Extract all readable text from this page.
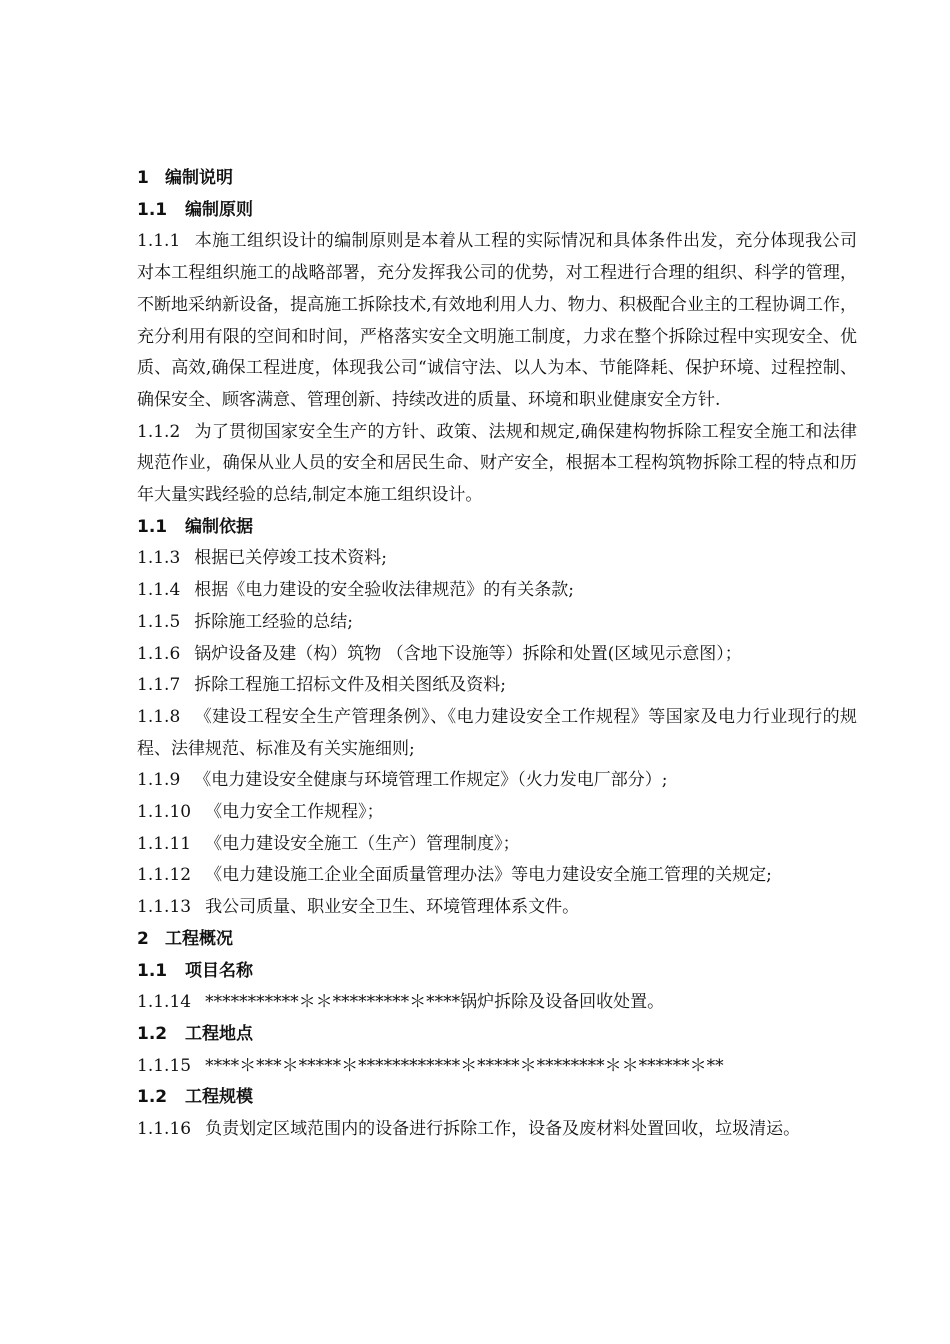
1 编制说明
1.1 编制原则
1.1.1 本施工组织设计的编制原则是本着从工程的实际情况和具体条件出发，充分体现我公司对本工程组织施工的战略部署，充分发挥我公司的优势，对工程进行合理的组织、科学的管理，不断地采纳新设备，提高施工拆除技术,有效地利用人力、物力、积极配合业主的工程协调工作，充分利用有限的空间和时间，严格落实安全文明施工制度，力求在整个拆除过程中实现安全、优质、高效,确保工程进度，体现我公司“诚信守法、以人为本、节能降耗、保护环境、过程控制、确保安全、顾客满意、管理创新、持续改进的质量、环境和职业健康安全方针.
1.1.2 为了贯彻国家安全生产的方针、政策、法规和规定,确保建构物拆除工程安全施工和法律规范作业，确保从业人员的安全和居民生命、财产安全，根据本工程构筑物拆除工程的特点和历年大量实践经验的总结,制定本施工组织设计。
1.1 编制依据
1.1.3 根据已关停竣工技术资料;
1.1.4 根据《电力建设的安全验收法律规范》的有关条款;
1.1.5 拆除施工经验的总结;
1.1.6 锅炉设备及建（构）筑物 （含地下设施等）拆除和处置(区域见示意图）；
1.1.7 拆除工程施工招标文件及相关图纸及资料;
1.1.8 《建设工程安全生产管理条例》、《电力建设安全工作规程》等国家及电力行业现行的规程、法律规范、标准及有关实施细则;
1.1.9 《电力建设安全健康与环境管理工作规定》（火力发电厂部分）;
1.1.10 《电力安全工作规程》；
1.1.11 《电力建设安全施工（生产）管理制度》；
1.1.12 《电力建设施工企业全面质量管理办法》等电力建设安全施工管理的关规定;
1.1.13 我公司质量、职业安全卫生、环境管理体系文件。
2 工程概况
1.1 项目名称
1.1.14 ***********＊＊*********＊****锅炉拆除及设备回收处置。
1.2 工程地点
1.1.15 ****＊***＊*****＊************＊*****＊********＊＊******＊**
1.2 工程规模
1.1.16 负责划定区域范围内的设备进行拆除工作，设备及废材料处置回收，垃圾清运。
